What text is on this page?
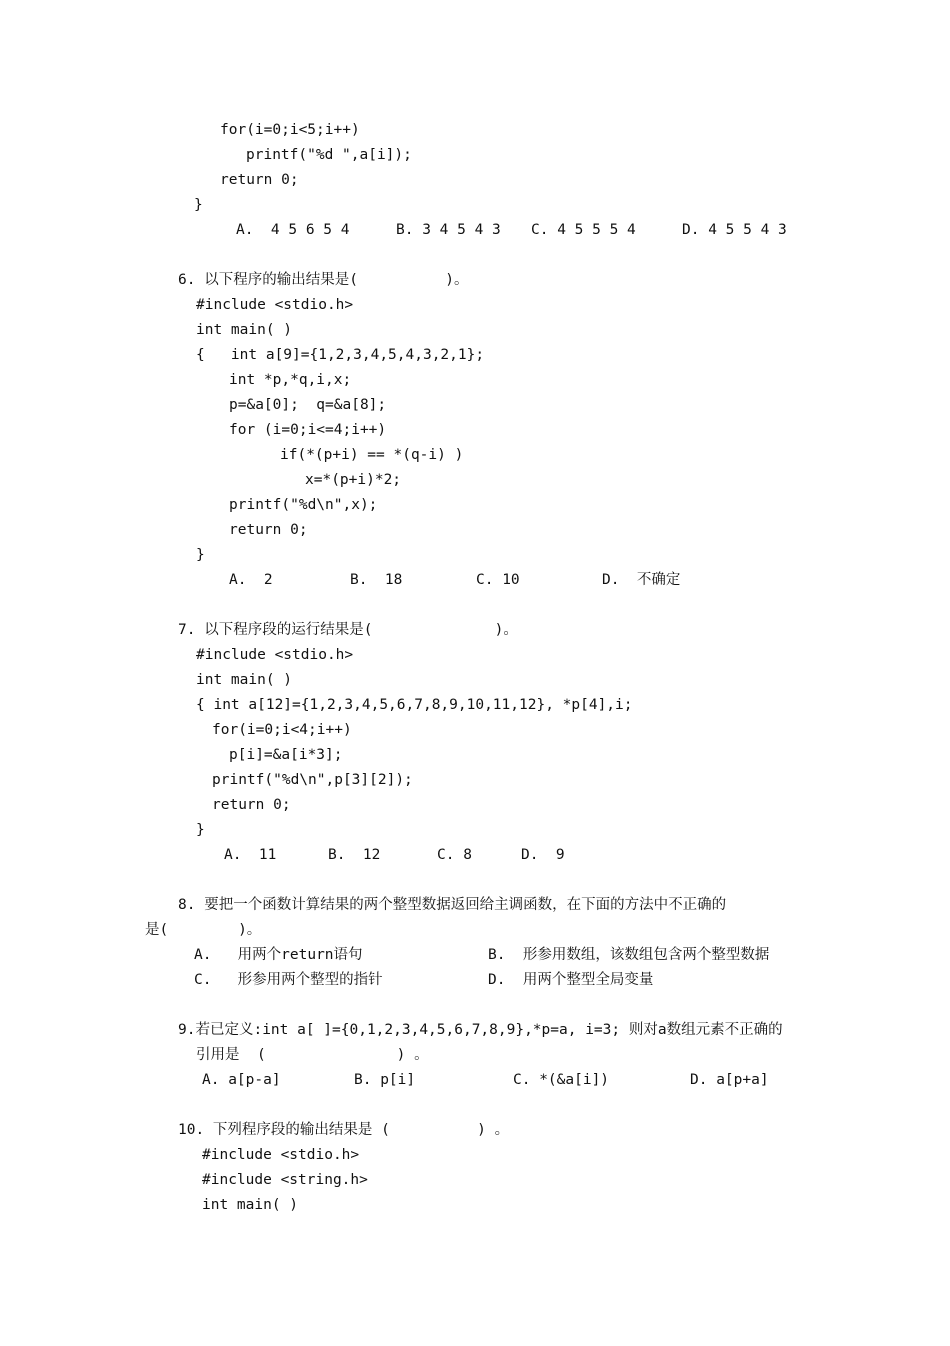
for(i=0;i<5;i++)
printf("%d ",a[i]);
return 0;
}
A.  4 5 6 5 4	B. 3 4 5 4 3 C. 4 5 5 5 4	D. 4 5 5 4 3
6. 以下程序的输出结果是(          )。
#include <stdio.h>
int main( )
{   int a[9]={1,2,3,4,5,4,3,2,1};
int *p,*q,i,x;
p=&a[0];  q=&a[8];
for (i=0;i<=4;i++)
if(*(p+i) == *(q-i) )
x=*(p+i)*2;
printf("%d\n",x);
return 0;
}
A.  2	B.  18	C. 10	D.  不确定
7. 以下程序段的运行结果是(              )。
#include <stdio.h>
int main( )
{ int a[12]={1,2,3,4,5,6,7,8,9,10,11,12}, *p[4],i;
for(i=0;i<4;i++)
p[i]=&a[i*3];
printf("%d\n",p[3][2]);
return 0;
}
A.  11	B.  12	C. 8	D.  9
8. 要把一个函数计算结果的两个整型数据返回给主调函数，在下面的方法中不正确的
是(        )。
A.   用两个return语句	B.  形参用数组，该数组包含两个整型数据
C.   形参用两个整型的指针	D.  用两个整型全局变量
9.若已定义:int a[ ]={0,1,2,3,4,5,6,7,8,9},*p=a, i=3; 则对a数组元素不正确的
引用是  (               ) 。
A. a[p-a]	B. p[i]	C. *(&a[i])	D. a[p+a]
10. 下列程序段的输出结果是 (          ) 。
#include <stdio.h>
#include <string.h>
int main( )
